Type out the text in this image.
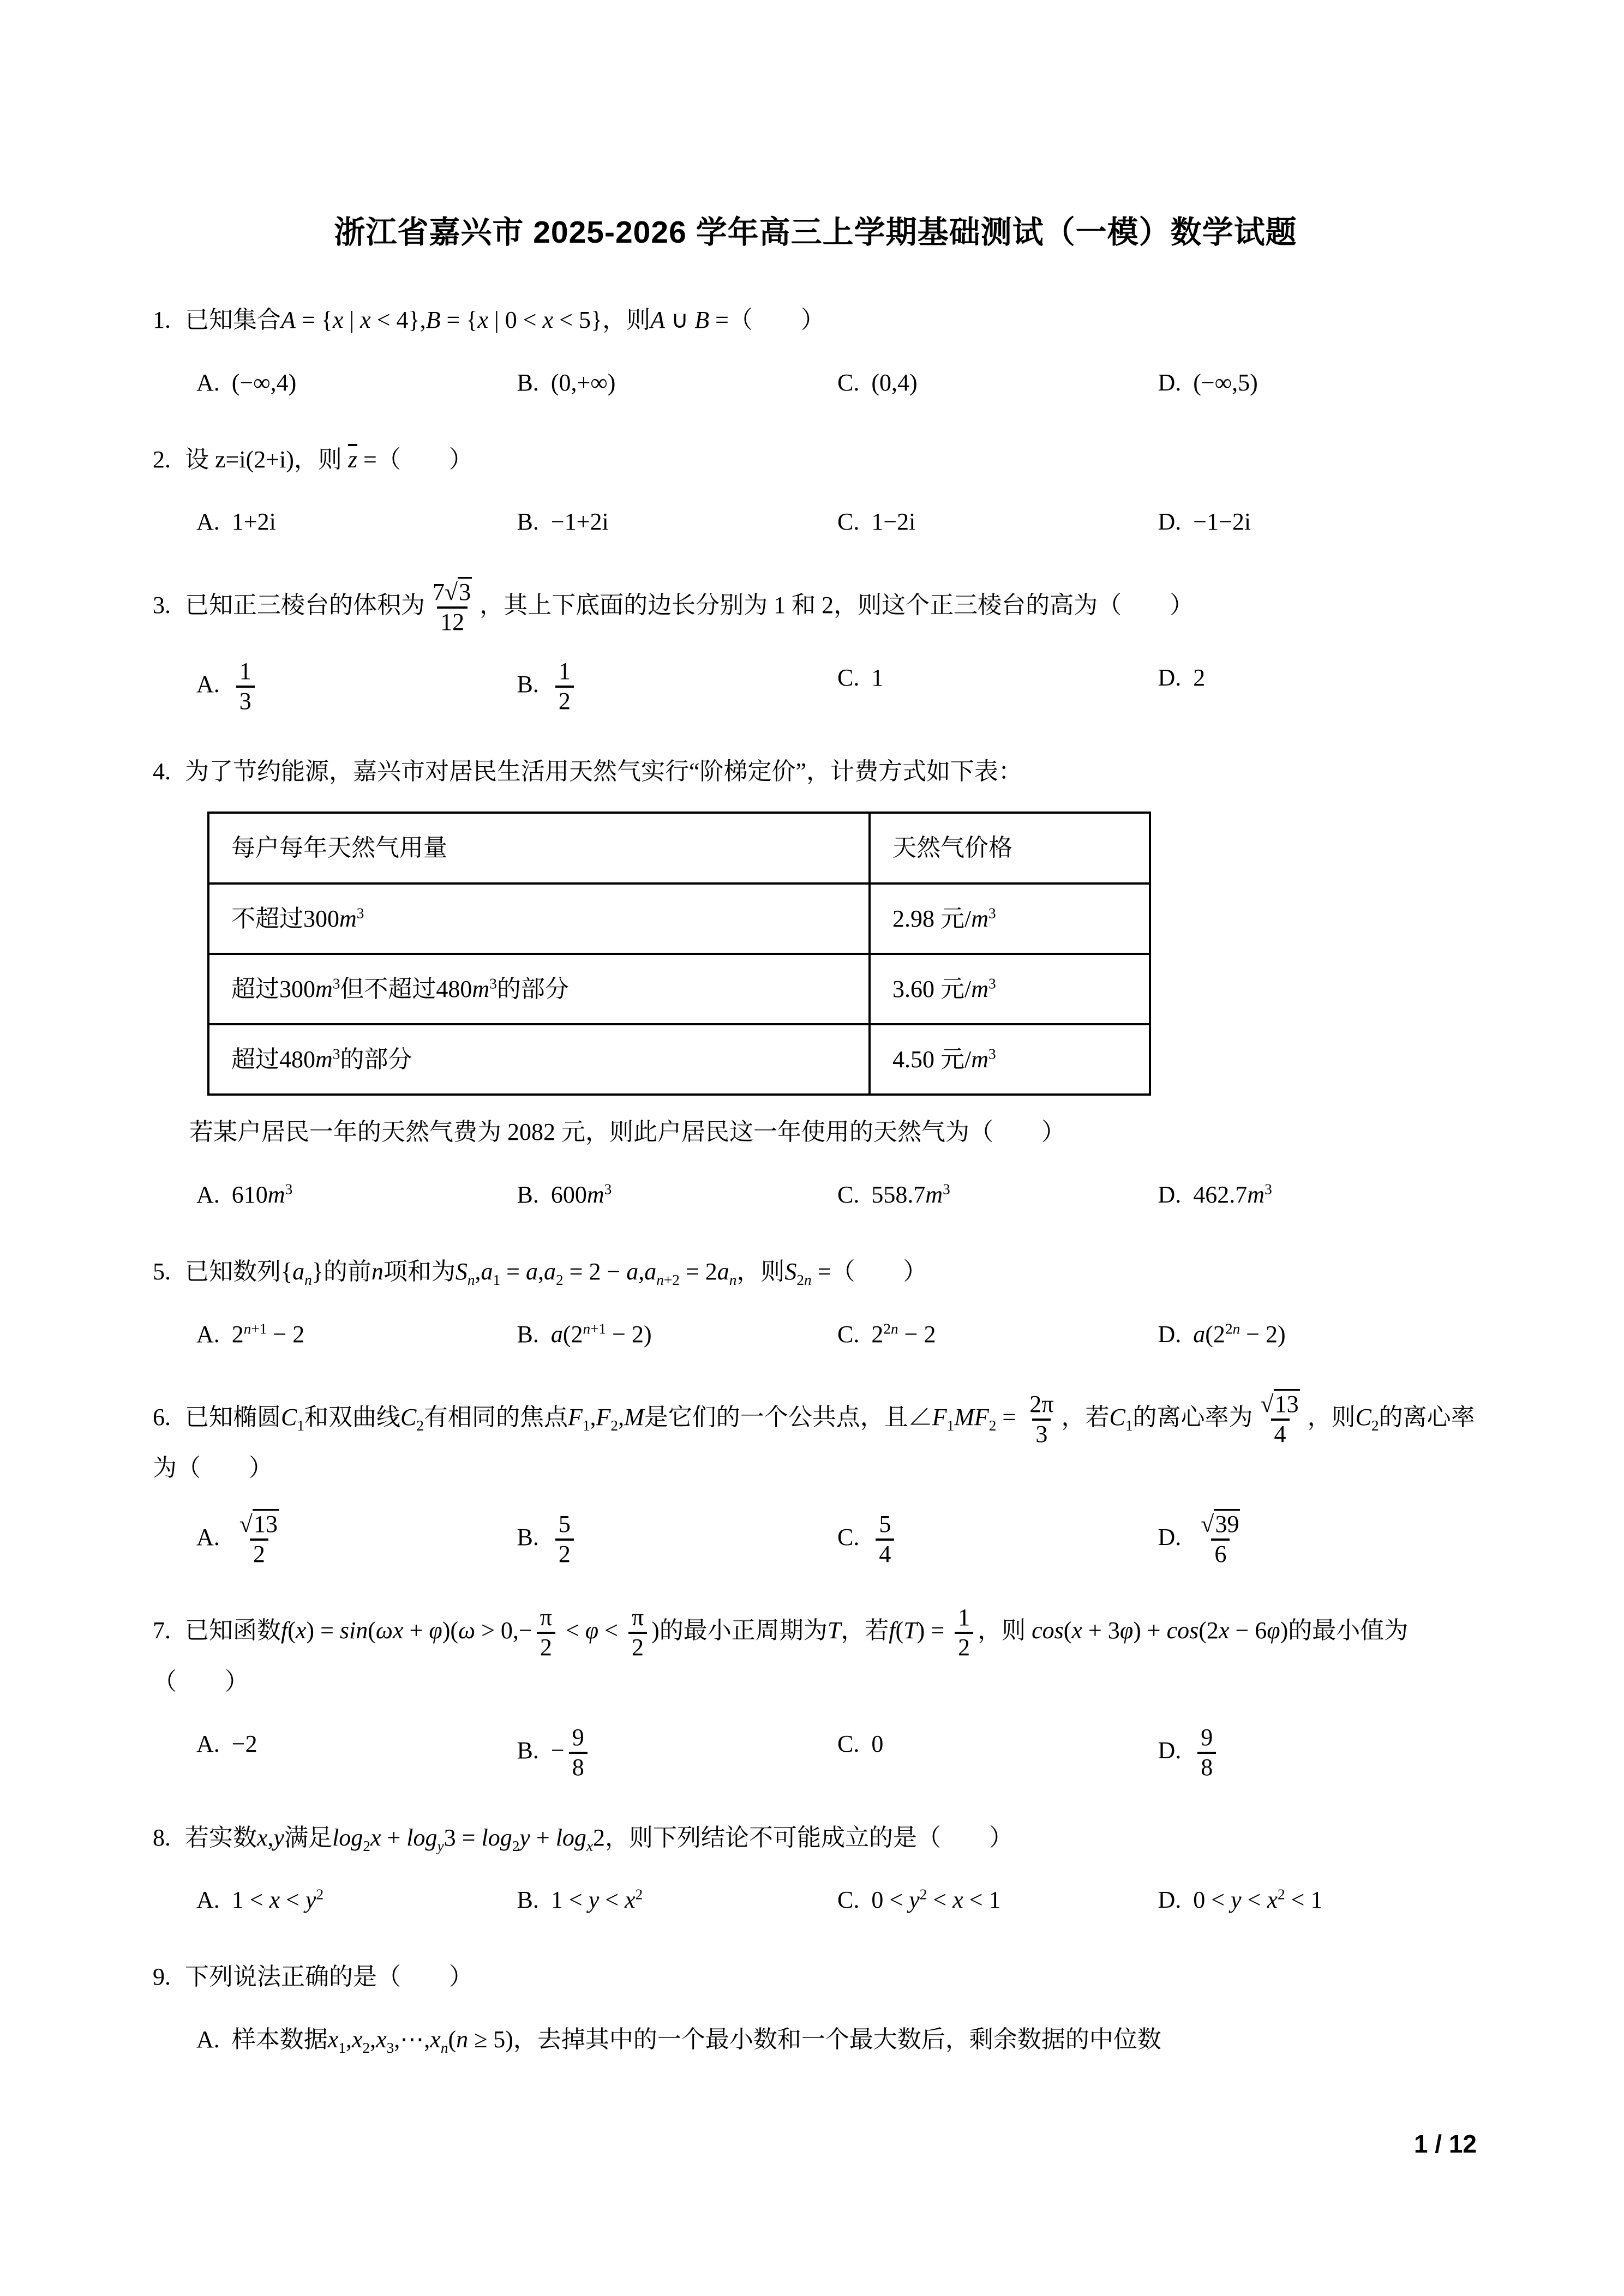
浙江省嘉兴市 2025-2026 学年高三上学期基础测试（一模）数学试题

1. 已知集合A = {x | x < 4},B = {x | 0 < x < 5}，则A ∪ B =（　　）

A. (−∞,4)	B. (0,+∞)	C. (0,4)	D. (−∞,5)

2. 设 z=i(2+i)，则 $\overline{z}$ =（　　）

A. 1+2i	B. −1+2i	C. 1−2i	D. −1−2i

3. 已知正三棱台的体积为 $\frac{7√3}{12}$ ，其上下底面的边长分别为 1 和 2，则这个正三棱台的高为（　　）

A. $\frac{1}{3}$	B. $\frac{1}{2}$	C. 1	D. 2

4. 为了节约能源，嘉兴市对居民生活用天然气实行“阶梯定价”，计费方式如下表：

每户每年天然气用量	天然气价格
不超过$300m^3$	2.98 元$/m^3$
超过$300m^3$但不超过$480m^3$的部分	3.60 元$/m^3$
超过$480m^3$的部分	4.50 元$/m^3$

若某户居民一年的天然气费为 2082 元，则此户居民这一年使用的天然气为（　　）

A. $610m^3$	B. $600m^3$	C. $558.7m^3$	D. $462.7m^3$

5. 已知数列$\{a_n\}$的前n项和为$S_n,a_1 = a,a_2 = 2 - a,a_{n+2} = 2a_n$，则$S_{2n}$ =（　　）

A. $2^{n+1} - 2$	B. $a(2^{n+1} - 2)$	C. $2^{2n} - 2$	D. $a(2^{2n} - 2)$

6. 已知椭圆$C_1$和双曲线$C_2$有相同的焦点$F_1,F_2,M$是它们的一个公共点，且$\angle F_1MF_2 = \frac{2\pi}{3}$ ，若$C_1$的离心率为 $\frac{√13}{4}$ ，则$C_2$的离心率为（　　）

A. $\frac{√13}{2}$	B. $\frac{5}{2}$	C. $\frac{5}{4}$	D. $\frac{√39}{6}$

7. 已知函数$f(x) = \sin(\omega x + \varphi)(\omega > 0,- \frac{\pi}{2} < \varphi < \frac{\pi}{2}$ )的最小正周期为T，若$f(T) = \frac{1}{2}$ ，则 cos(x + 3φ) + cos(2x − 6φ)的最小值为（　　）

A. −2	B. − $\frac{9}{8}$	C. 0	D. $\frac{9}{8}$

8. 若实数x,y满足$\log_2x + \log_y3 = \log_2y + \log_x2$，则下列结论不可能成立的是（　　）

A. $1 < x < y^2$	B. $1 < y < x^2$	C. $0 < y^2 < x < 1$	D. $0 < y < x^2 < 1$

9. 下列说法正确的是（　　）

A. 样本数据$x_1,x_2,x_3,\cdots,x_n(n \ge 5)$，去掉其中的一个最小数和一个最大数后，剩余数据的中位数
1 / 12
